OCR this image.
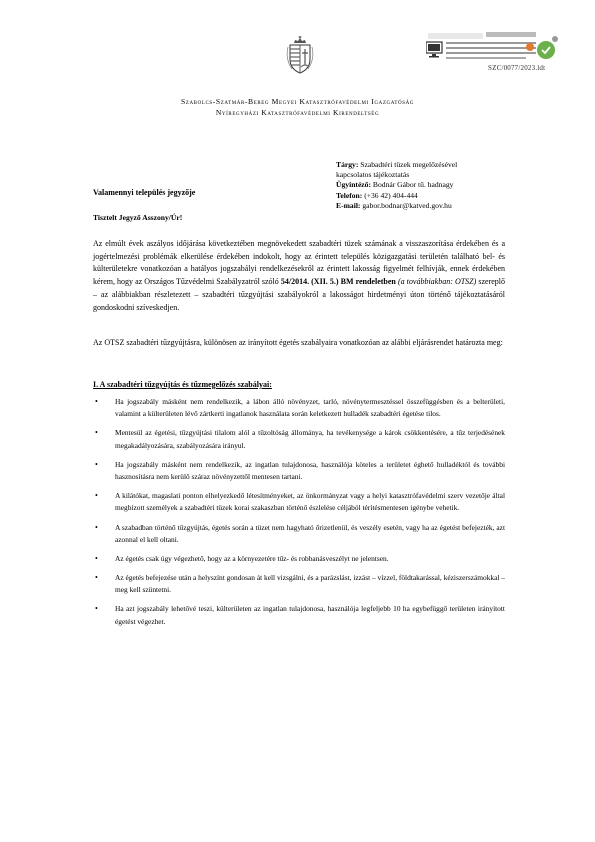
SZC/0077/2023.ldt
Szabolcs-Szatmár-Bereg Megyei Katasztrófavédelmi Igazgatóság
Nyíregyházi Katasztrófavédelmi Kirendeltség
Tárgy: Szabadtéri tüzek megelőzésével
kapcsolatos tájékoztatás
Ügyintéző: Bodnár Gábor tű. hadnagy
Telefon: (+36 42) 404-444
E-mail: gabor.bodnar@katved.gov.hu
Valamennyi település jegyzője
Tisztelt Jegyző Asszony/Úr!
Az elmúlt évek aszályos időjárása következtében megnövekedett szabadtéri tüzek számának a visszaszorítása érdekében és a jogértelmezési problémák elkerülése érdekében indokolt, hogy az érintett település közigazgatási területén található bel- és külterületekre vonatkozóan a hatályos jogszabályi rendelkezésekről az érintett lakosság figyelmét felhívják, ennek érdekében kérem, hogy az Országos Tűzvédelmi Szabályzatról szóló 54/2014. (XII. 5.) BM rendeletben (a továbbiakban: OTSZ) szereplő – az alábbiakban részletezett – szabadtéri tűzgyújtási szabályokról a lakosságot hirdetményi úton történő tájékoztatásáról gondoskodni szíveskedjen.
Az OTSZ szabadtéri tűzgyújtásra, különösen az irányított égetés szabályaira vonatkozóan az alábbi eljárásrendet határozta meg:
I. A szabadtéri tűzgyújtás és tűzmegelőzés szabályai:
• Ha jogszabály másként nem rendelkezik, a lábon álló növényzet, tarló, növénytermesztéssel összefüggésben és a belterületi, valamint a külterületen lévő zártkerti ingatlanok használata során keletkezett hulladék szabadtéri égetése tilos.
• Mentesül az égetési, tűzgyújtási tilalom alól a tűzoltóság állománya, ha tevékenysége a károk csökkentésére, a tűz terjedésének megakadályozására, szabályozására irányul.
• Ha jogszabály másként nem rendelkezik, az ingatlan tulajdonosa, használója köteles a területet éghető hulladéktól és további hasznosításra nem kerülő száraz növényzettől mentesen tartani.
• A kilátókat, magaslati ponton elhelyezkedő létesítményeket, az önkormányzat vagy a helyi katasztrófavédelmi szerv vezetője által megbízott személyek a szabadtéri tüzek korai szakaszban történő észlelése céljából térítésmentesen igénybe vehetik.
• A szabadban történő tűzgyújtás, égetés során a tüzet nem hagyható őrizetlenül, és veszély esetén, vagy ha az égetést befejezték, azt azonnal el kell oltani.
• Az égetés csak úgy végezhető, hogy az a környezetére tűz- és robbanásveszélyt ne jelentsen.
• Az égetés befejezése után a helyszínt gondosan át kell vizsgálni, és a parázslást, izzást – vízzel, földtakarással, kéziszerszámokkal – meg kell szüntetni.
• Ha azt jogszabály lehetővé teszi, külterületen az ingatlan tulajdonosa, használója legfeljebb 10 ha egybefüggő területen irányított égetést végezhet.
